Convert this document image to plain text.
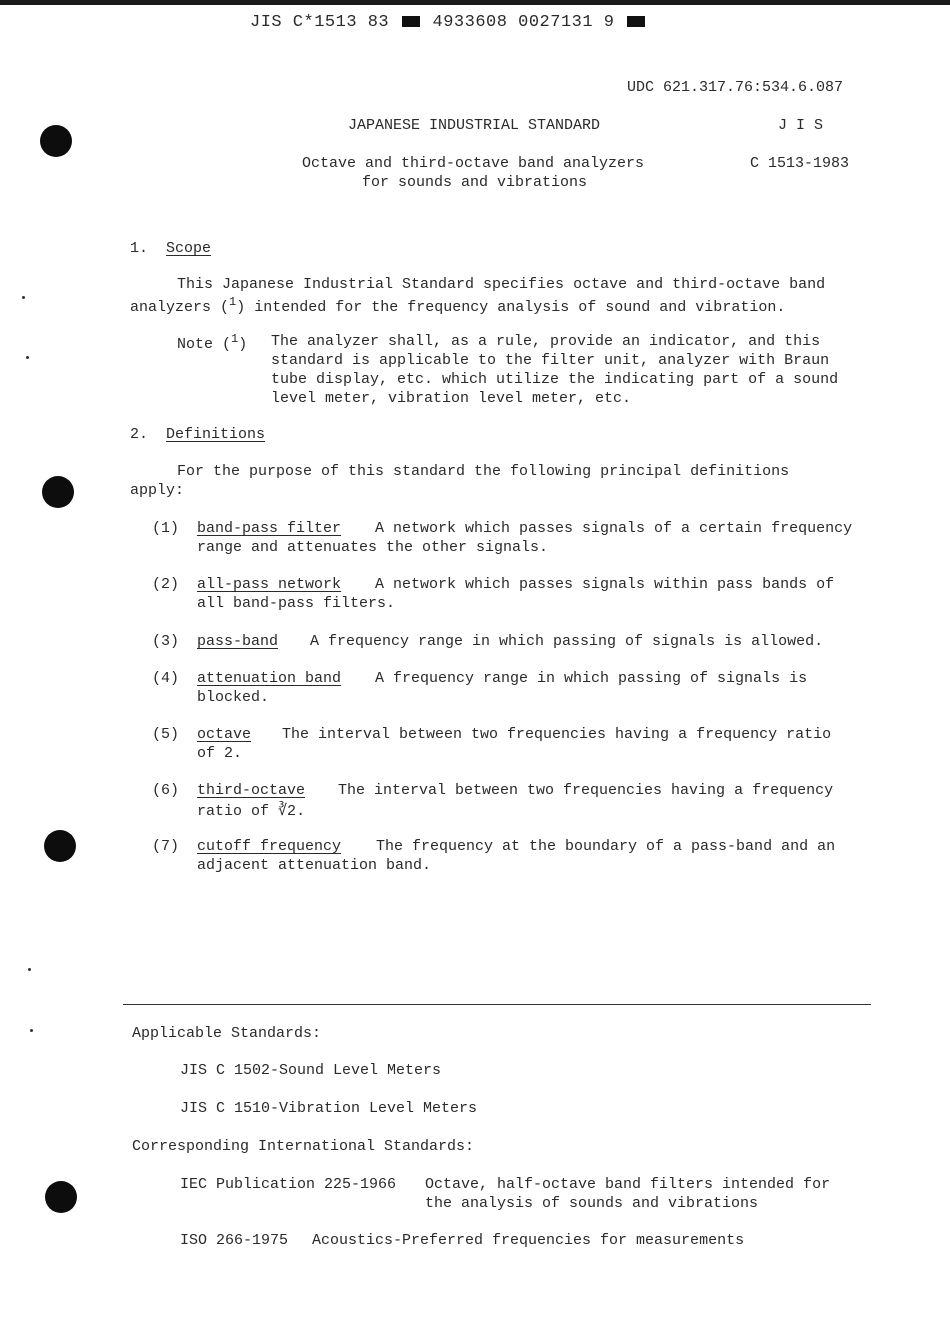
JIS C*1513 83	4933608 0027131 9
UDC 621.317.76:534.6.087
JAPANESE INDUSTRIAL STANDARD	J I S
Octave and third-octave band analyzers
for sounds and vibrations
C 1513-1983
1. Scope
This Japanese Industrial Standard specifies octave and third-octave band
analyzers ($^1$) intended for the frequency analysis of sound and vibration.
Note ($^1$) The analyzer shall, as a rule, provide an indicator, and this
standard is applicable to the filter unit, analyzer with Braun
tube display, etc. which utilize the indicating part of a sound
level meter, vibration level meter, etc.
2. Definitions
For the purpose of this standard the following principal definitions
apply:
(1) band-pass filter A network which passes signals of a certain frequency
range and attenuates the other signals.
(2) all-pass network A network which passes signals within pass bands of
all band-pass filters.
(3) pass-band A frequency range in which passing of signals is allowed.
(4) attenuation band A frequency range in which passing of signals is
blocked.
(5) octave The interval between two frequencies having a frequency ratio
of 2.
(6) third-octave The interval between two frequencies having a frequency
ratio of ∛2.
(7) cutoff frequency The frequency at the boundary of a pass-band and an
adjacent attenuation band.
Applicable Standards:
JIS C 1502-Sound Level Meters
JIS C 1510-Vibration Level Meters
Corresponding International Standards:
IEC Publication 225-1966 Octave, half-octave band filters intended for
the analysis of sounds and vibrations
ISO 266-1975 Acoustics-Preferred frequencies for measurements
